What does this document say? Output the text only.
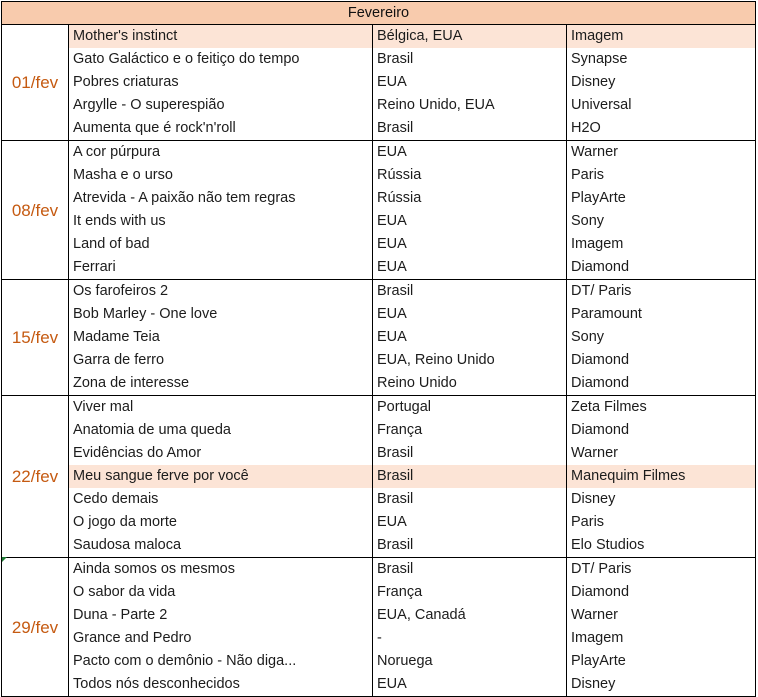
Fevereiro			
01/fev	Mother's instinct	Bélgica, EUA	Imagem
	Gato Galáctico e o feitiço do tempo	Brasil	Synapse
	Pobres criaturas	EUA	Disney
	Argylle - O superespião	Reino Unido, EUA	Universal
	Aumenta que é rock'n'roll	Brasil	H2O
08/fev	A cor púrpura	EUA	Warner
	Masha e o urso	Rússia	Paris
	Atrevida - A paixão não tem regras	Rússia	PlayArte
	It ends with us	EUA	Sony
	Land of bad	EUA	Imagem
	Ferrari	EUA	Diamond
15/fev	Os farofeiros 2	Brasil	DT/ Paris
	Bob Marley - One love	EUA	Paramount
	Madame Teia	EUA	Sony
	Garra de ferro	EUA, Reino Unido	Diamond
	Zona de interesse	Reino Unido	Diamond
22/fev	Viver mal	Portugal	Zeta Filmes
	Anatomia de uma queda	França	Diamond
	Evidências do Amor	Brasil	Warner
	Meu sangue ferve por você	Brasil	Manequim Filmes
	Cedo demais	Brasil	Disney
	O jogo da morte	EUA	Paris
	Saudosa maloca	Brasil	Elo Studios
29/fev	Ainda somos os mesmos	Brasil	DT/ Paris
	O sabor da vida	França	Diamond
	Duna - Parte 2	EUA, Canadá	Warner
	Grance and Pedro	-	Imagem
	Pacto com o demônio - Não diga...	Noruega	PlayArte
	Todos nós desconhecidos	EUA	Disney
